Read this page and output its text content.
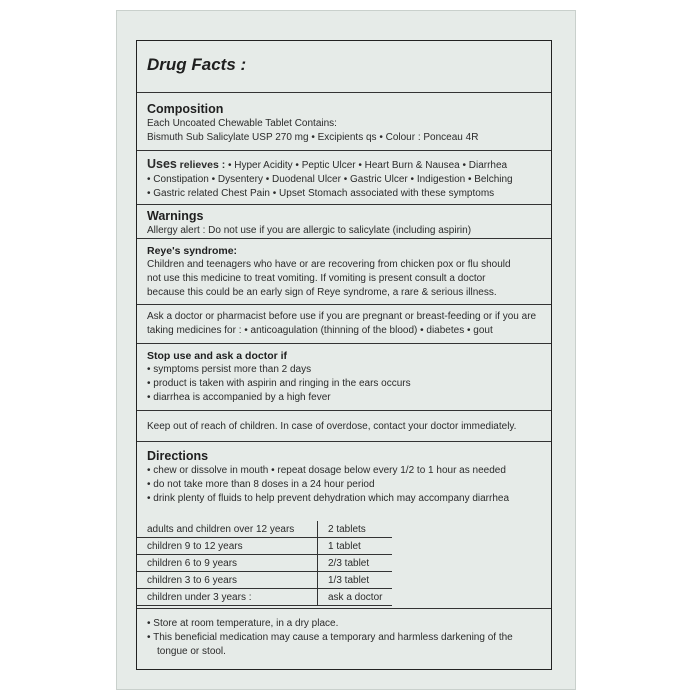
Drug Facts :
Composition
Each Uncoated Chewable Tablet Contains:
Bismuth Sub Salicylate USP 270 mg • Excipients qs • Colour : Ponceau 4R
Uses relieves : • Hyper Acidity • Peptic Ulcer • Heart Burn & Nausea • Diarrhea
• Constipation • Dysentery • Duodenal Ulcer • Gastric Ulcer • Indigestion • Belching
• Gastric related Chest Pain • Upset Stomach associated with these symptoms
Warnings
Allergy alert : Do not use if you are allergic to salicylate (including aspirin)
Reye's syndrome:
Children and teenagers who have or are recovering from chicken pox or flu should
not use this medicine to treat vomiting. If vomiting is present consult a doctor
because this could be an early sign of Reye syndrome, a rare & serious illness.
Ask a doctor or pharmacist before use if you are pregnant or breast-feeding or if you are
taking medicines for : • anticoagulation (thinning of the blood) • diabetes • gout
Stop use and ask a doctor if
• symptoms persist more than 2 days
• product is taken with aspirin and ringing in the ears occurs
• diarrhea is accompanied by a high fever
Keep out of reach of children. In case of overdose, contact your doctor immediately.
Directions
• chew or dissolve in mouth • repeat dosage below every 1/2 to 1 hour as needed
• do not take more than 8 doses in a 24 hour period
• drink plenty of fluids to help prevent dehydration which may accompany diarrhea
adults and children over 12 years	2 tablets
children 9 to 12 years	1 tablet
children 6 to 9 years	2/3 tablet
children 3 to 6 years	1/3 tablet
children under 3 years :	ask a doctor
• Store at room temperature, in a dry place.
• This beneficial medication may cause a temporary and harmless darkening of the
tongue or stool.
